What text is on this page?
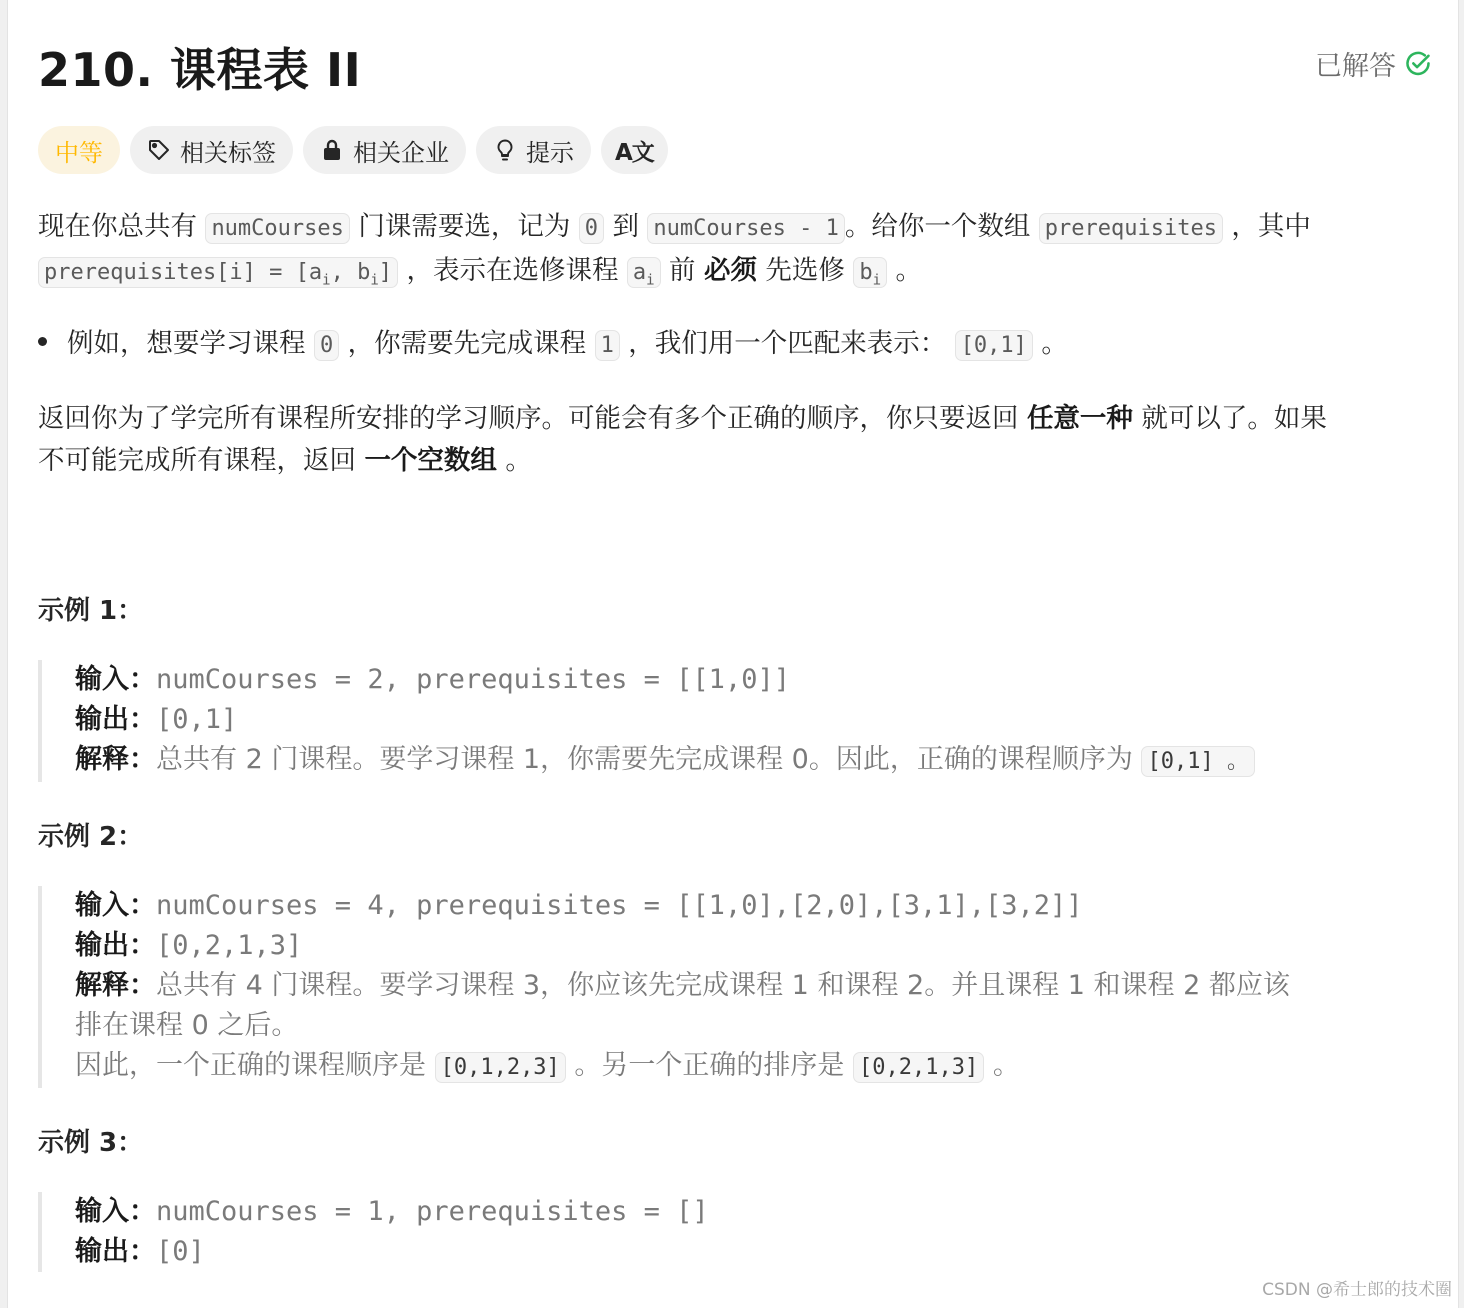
210. 课程表 II	已解答
中等	相关标签	相关企业	提示 A文
现在你总共有 numCourses 门课需要选，记为 0 到 numCourses - 1 。给你一个数组 prerequisites ，其中
prerequisites[i] = [$a_i$, $b_i$] ，表示在选修课程 $a_i$ 前 必须 先选修 $b_i$ 。
例如，想要学习课程 0 ，你需要先完成课程 1 ，我们用一个匹配来表示： [0,1] 。
返回你为了学完所有课程所安排的学习顺序。可能会有多个正确的顺序，你只要返回 任意一种 就可以了。如果
不可能完成所有课程，返回 一个空数组 。
示例 1：
输入：numCourses = 2, prerequisites = [[1,0]]
输出：[0,1]
解释：总共有 2 门课程。要学习课程 1，你需要先完成课程 0。因此，正确的课程顺序为 [0,1] 。
示例 2：
输入：numCourses = 4, prerequisites = [[1,0],[2,0],[3,1],[3,2]]
输出：[0,2,1,3]
解释：总共有 4 门课程。要学习课程 3，你应该先完成课程 1 和课程 2。并且课程 1 和课程 2 都应该
排在课程 0 之后。
因此，一个正确的课程顺序是 [0,1,2,3] 。另一个正确的排序是 [0,2,1,3] 。
示例 3：
输入：numCourses = 1, prerequisites = []
输出：[0]
CSDN @希士郎的技术圈
